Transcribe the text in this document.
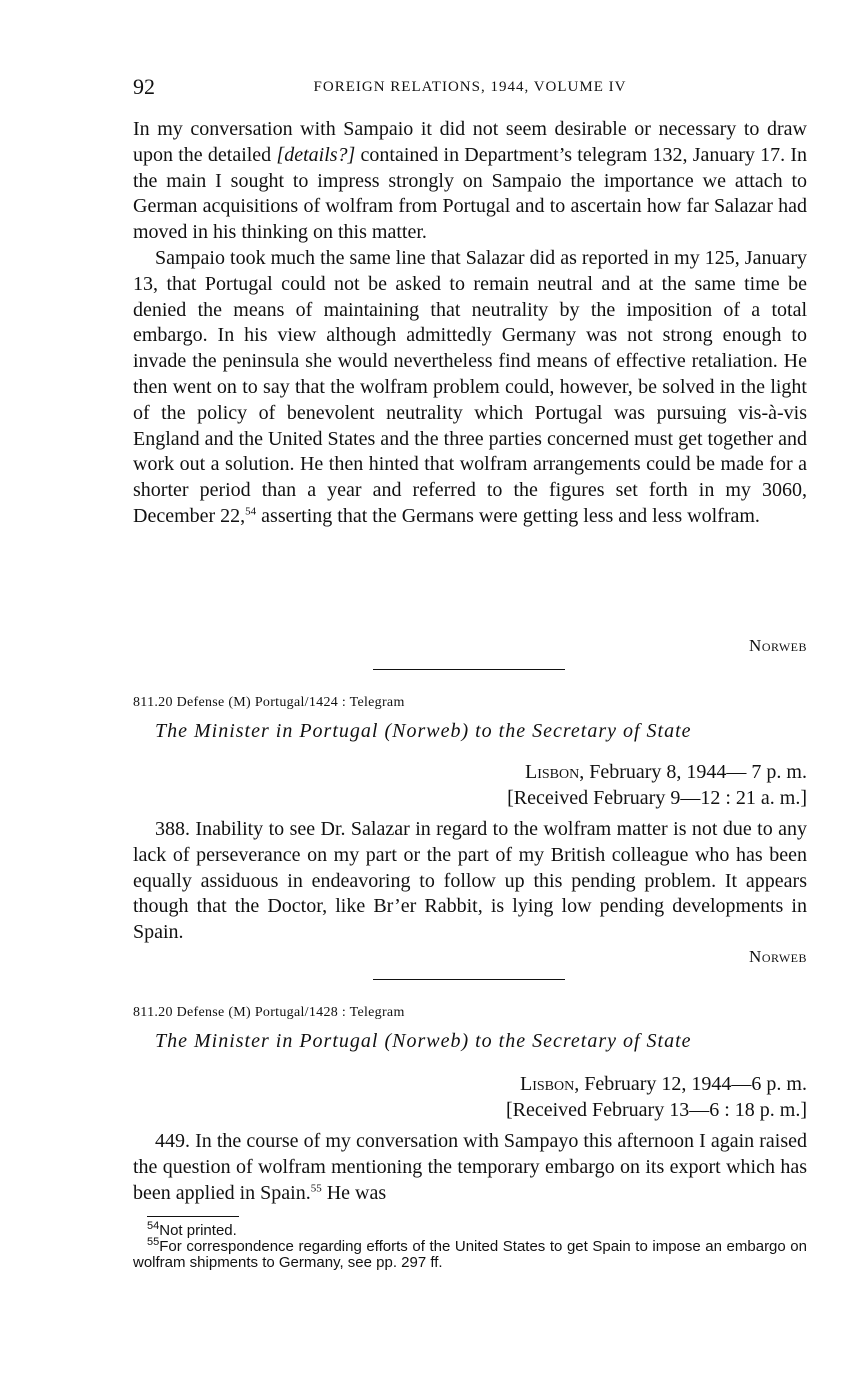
92	FOREIGN RELATIONS, 1944, VOLUME IV

In my conversation with Sampaio it did not seem desirable or necessary to draw upon the detailed [details?] contained in Department’s telegram 132, January 17. In the main I sought to impress strongly on Sampaio the importance we attach to German acquisitions of wolfram from Portugal and to ascertain how far Salazar had moved in his thinking on this matter.

Sampaio took much the same line that Salazar did as reported in my 125, January 13, that Portugal could not be asked to remain neutral and at the same time be denied the means of maintaining that neutrality by the imposition of a total embargo. In his view although admittedly Germany was not strong enough to invade the peninsula she would nevertheless find means of effective retaliation. He then went on to say that the wolfram problem could, however, be solved in the light of the policy of benevolent neutrality which Portugal was pursuing vis-à-vis England and the United States and the three parties concerned must get together and work out a solution. He then hinted that wolfram arrangements could be made for a shorter period than a year and referred to the figures set forth in my 3060, December 22,54 asserting that the Germans were getting less and less wolfram.

Norweb
811.20 Defense (M) Portugal/1424 : Telegram
The Minister in Portugal (Norweb) to the Secretary of State
Lisbon, February 8, 1944— 7 p. m.
[Received February 9—12 : 21 a. m.]

388. Inability to see Dr. Salazar in regard to the wolfram matter is not due to any lack of perseverance on my part or the part of my British colleague who has been equally assiduous in endeavoring to follow up this pending problem. It appears though that the Doctor, like Br’er Rabbit, is lying low pending developments in Spain.

Norweb
811.20 Defense (M) Portugal/1428 : Telegram
The Minister in Portugal (Norweb) to the Secretary of State
Lisbon, February 12, 1944—6 p. m.
[Received February 13—6 : 18 p. m.]

449. In the course of my conversation with Sampayo this afternoon I again raised the question of wolfram mentioning the temporary embargo on its export which has been applied in Spain.$^{55}$ He was

$^{54}$Not printed.

$^{55}$For correspondence regarding efforts of the United States to get Spain to impose an embargo on wolfram shipments to Germany, see pp. 297 ff.
